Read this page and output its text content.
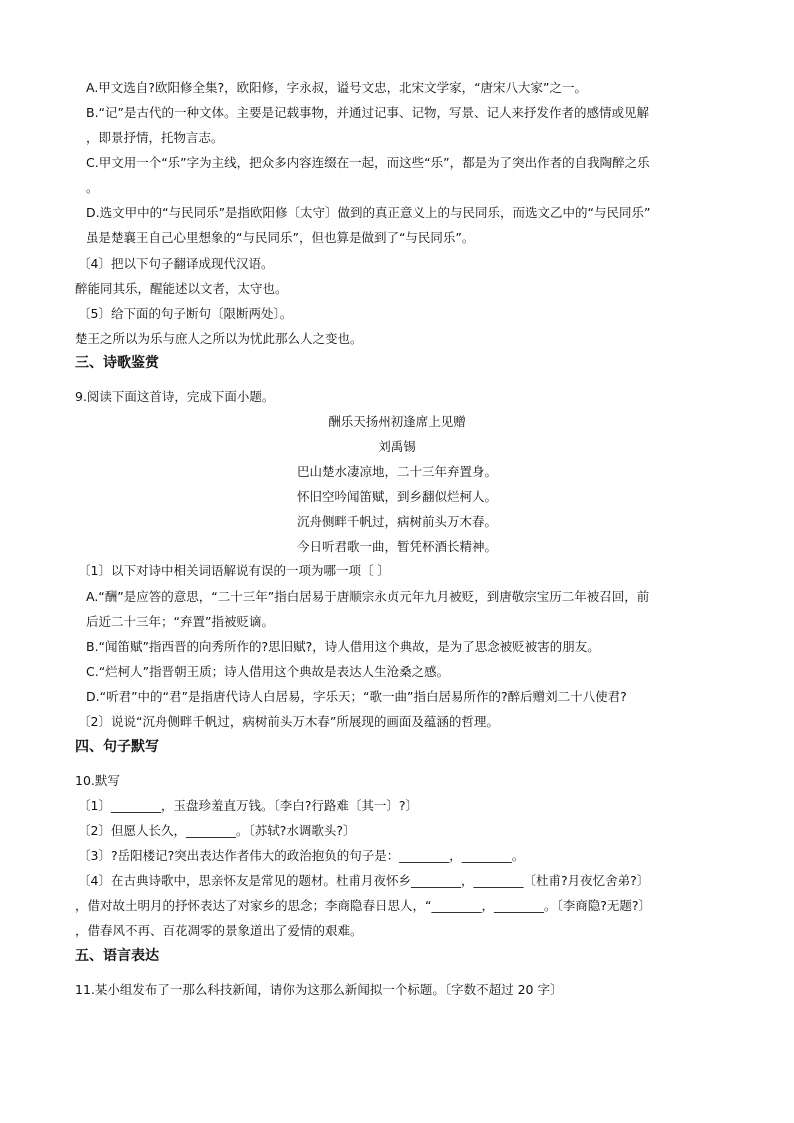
A.甲文选自?欧阳修全集?，欧阳修，字永叔，谥号文忠，北宋文学家，“唐宋八大家”之一。
B.“记”是古代的一种文体。主要是记载事物，并通过记事、记物，写景、记人来抒发作者的感情或见解
，即景抒情，托物言志。
C.甲文用一个“乐”字为主线，把众多内容连缀在一起，而这些“乐”，都是为了突出作者的自我陶醉之乐
。
D.选文甲中的“与民同乐”是指欧阳修〔太守〕做到的真正意义上的与民同乐，而选文乙中的“与民同乐”
虽是楚襄王自己心里想象的“与民同乐”，但也算是做到了“与民同乐”。
〔4〕把以下句子翻译成现代汉语。
醉能同其乐，醒能述以文者，太守也。
〔5〕给下面的句子断句〔限断两处〕。
楚王之所以为乐与庶人之所以为忧此那么人之变也。
三、诗歌鉴赏
9.阅读下面这首诗，完成下面小题。
酬乐天扬州初逢席上见赠
刘禹锡
巴山楚水凄凉地，二十三年弃置身。
怀旧空吟闻笛赋，到乡翻似烂柯人。
沉舟侧畔千帆过，病树前头万木春。
今日听君歌一曲，暂凭杯酒长精神。
〔1〕以下对诗中相关词语解说有误的一项为哪一项〔 〕
A.“酬”是应答的意思，“二十三年”指白居易于唐顺宗永贞元年九月被贬，到唐敬宗宝历二年被召回，前
后近二十三年；“弃置”指被贬谪。
B.“闻笛赋”指西晋的向秀所作的?思旧赋?，诗人借用这个典故，是为了思念被贬被害的朋友。
C.“烂柯人”指晋朝王质；诗人借用这个典故是表达人生沧桑之感。
D.“听君”中的“君”是指唐代诗人白居易，字乐天；“歌一曲”指白居易所作的?醉后赠刘二十八使君?
〔2〕说说“沉舟侧畔千帆过，病树前头万木春”所展现的画面及蕴涵的哲理。
四、句子默写
10.默写
〔1〕________，玉盘珍羞直万钱。〔李白?行路难〔其一〕?〕
〔2〕但愿人长久，________。〔苏轼?水调歌头?〕
〔3〕?岳阳楼记?突出表达作者伟大的政治抱负的句子是：________，________。
〔4〕在古典诗歌中，思亲怀友是常见的题材。杜甫月夜怀乡________，________〔杜甫?月夜忆舍弟?〕
，借对故土明月的抒怀表达了对家乡的思念；李商隐春日思人，“________，________。〔李商隐?无题?〕
，借春风不再、百花凋零的景象道出了爱情的艰难。
五、语言表达
11.某小组发布了一那么科技新闻，请你为这那么新闻拟一个标题。〔字数不超过 20 字〕
